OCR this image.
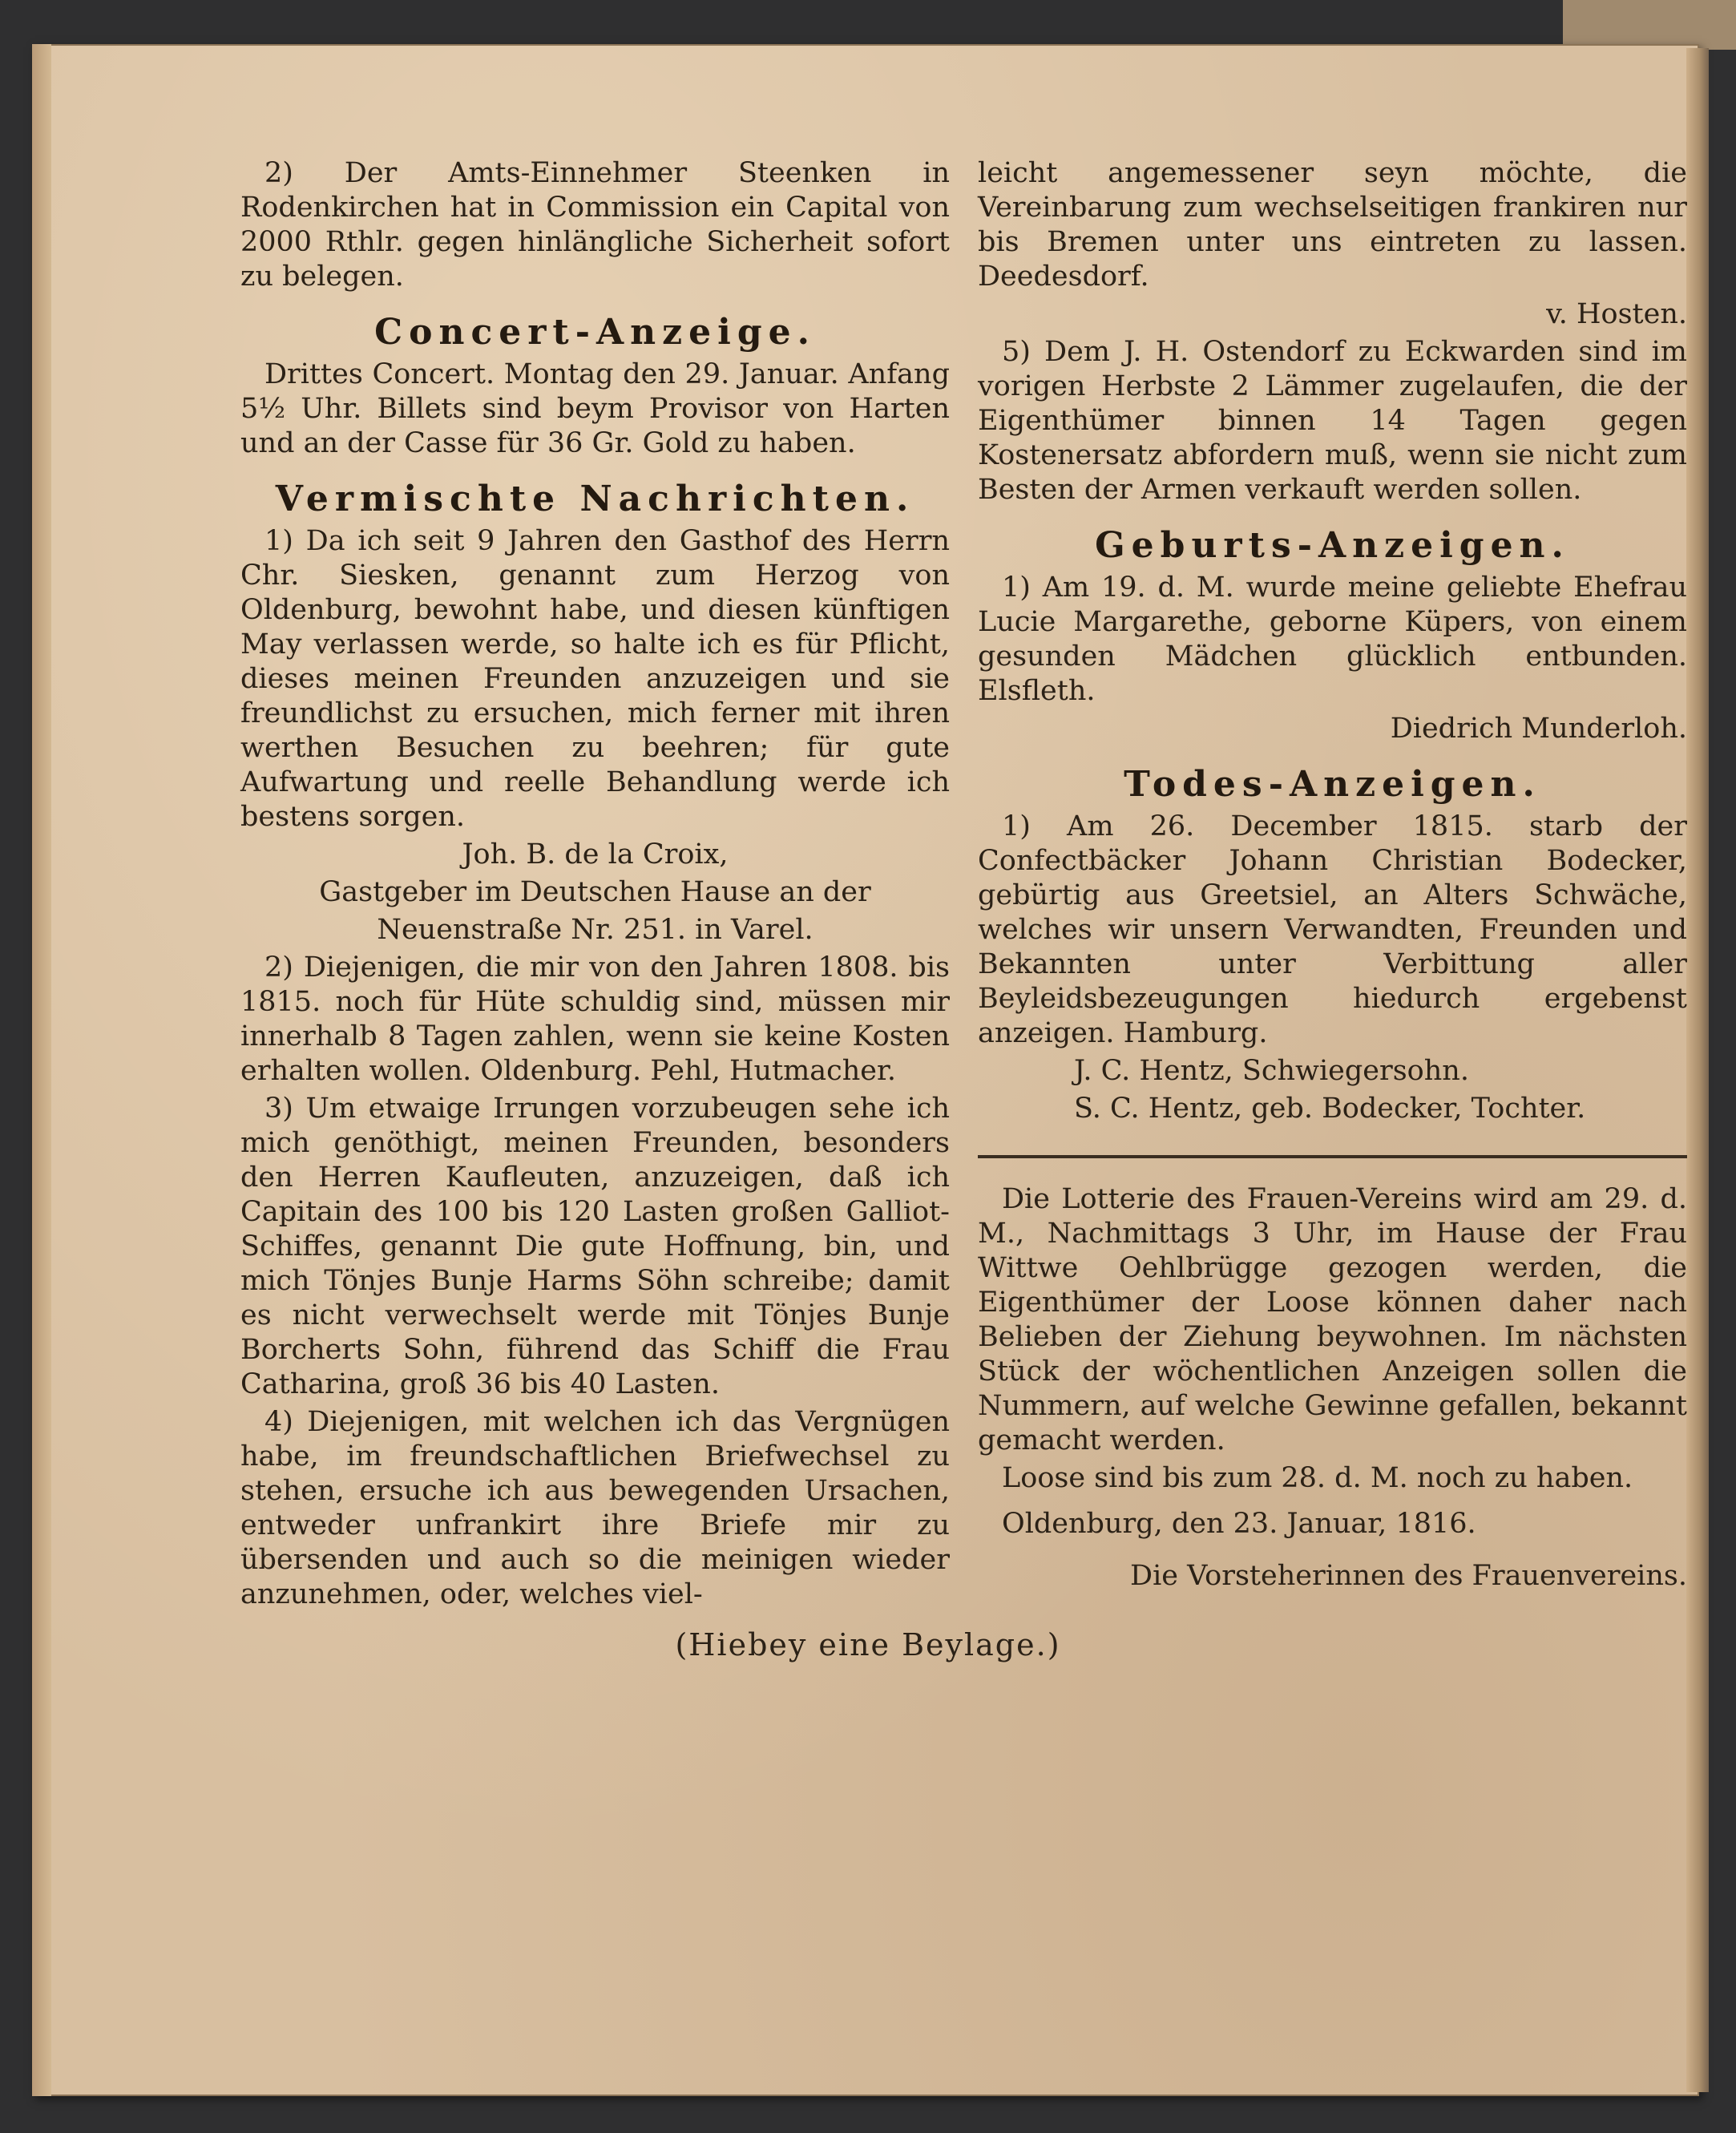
2) Der Amts-Einnehmer Steenken in Rodenkirchen hat in Commission ein Capital von 2000 Rthlr. gegen hinlängliche Sicherheit sofort zu belegen.

Concert-Anzeige.

Drittes Concert. Montag den 29. Januar. Anfang 5½ Uhr. Billets sind beym Provisor von Harten und an der Casse für 36 Gr. Gold zu haben.

Vermischte Nachrichten.

1) Da ich seit 9 Jahren den Gasthof des Herrn Chr. Siesken, genannt zum Herzog von Oldenburg, bewohnt habe, und diesen künftigen May verlassen werde, so halte ich es für Pflicht, dieses meinen Freunden anzuzeigen und sie freundlichst zu ersuchen, mich ferner mit ihren werthen Besuchen zu beehren; für gute Aufwartung und reelle Behandlung werde ich bestens sorgen.

Joh. B. de la Croix,

Gastgeber im Deutschen Hause an der

Neuenstraße Nr. 251. in Varel.

2) Diejenigen, die mir von den Jahren 1808. bis 1815. noch für Hüte schuldig sind, müssen mir innerhalb 8 Tagen zahlen, wenn sie keine Kosten erhalten wollen. Oldenburg. Pehl, Hutmacher.

3) Um etwaige Irrungen vorzubeugen sehe ich mich genöthigt, meinen Freunden, besonders den Herren Kaufleuten, anzuzeigen, daß ich Capitain des 100 bis 120 Lasten großen Galliot-Schiffes, genannt Die gute Hoffnung, bin, und mich Tönjes Bunje Harms Söhn schreibe; damit es nicht verwechselt werde mit Tönjes Bunje Borcherts Sohn, führend das Schiff die Frau Catharina, groß 36 bis 40 Lasten.

4) Diejenigen, mit welchen ich das Vergnügen habe, im freundschaftlichen Briefwechsel zu stehen, ersuche ich aus bewegenden Ursachen, entweder unfrankirt ihre Briefe mir zu übersenden und auch so die meinigen wieder anzunehmen, oder, welches viel-

leicht angemessener seyn möchte, die Vereinbarung zum wechselseitigen frankiren nur bis Bremen unter uns eintreten zu lassen. Deedesdorf.

v. Hosten.

5) Dem J. H. Ostendorf zu Eckwarden sind im vorigen Herbste 2 Lämmer zugelaufen, die der Eigenthümer binnen 14 Tagen gegen Kostenersatz abfordern muß, wenn sie nicht zum Besten der Armen verkauft werden sollen.

Geburts-Anzeigen.

1) Am 19. d. M. wurde meine geliebte Ehefrau Lucie Margarethe, geborne Küpers, von einem gesunden Mädchen glücklich entbunden. Elsfleth.

Diedrich Munderloh.

Todes-Anzeigen.

1) Am 26. December 1815. starb der Confectbäcker Johann Christian Bodecker, gebürtig aus Greetsiel, an Alters Schwäche, welches wir unsern Verwandten, Freunden und Bekannten unter Verbittung aller Beyleidsbezeugungen hiedurch ergebenst anzeigen. Hamburg.

J. C. Hentz, Schwiegersohn.

S. C. Hentz, geb. Bodecker, Tochter.

Die Lotterie des Frauen-Vereins wird am 29. d. M., Nachmittags 3 Uhr, im Hause der Frau Wittwe Oehlbrügge gezogen werden, die Eigenthümer der Loose können daher nach Belieben der Ziehung beywohnen. Im nächsten Stück der wöchentlichen Anzeigen sollen die Nummern, auf welche Gewinne gefallen, bekannt gemacht werden.

Loose sind bis zum 28. d. M. noch zu haben.

Oldenburg, den 23. Januar, 1816.

Die Vorsteherinnen des Frauenvereins.

(Hiebey eine Beylage.)
